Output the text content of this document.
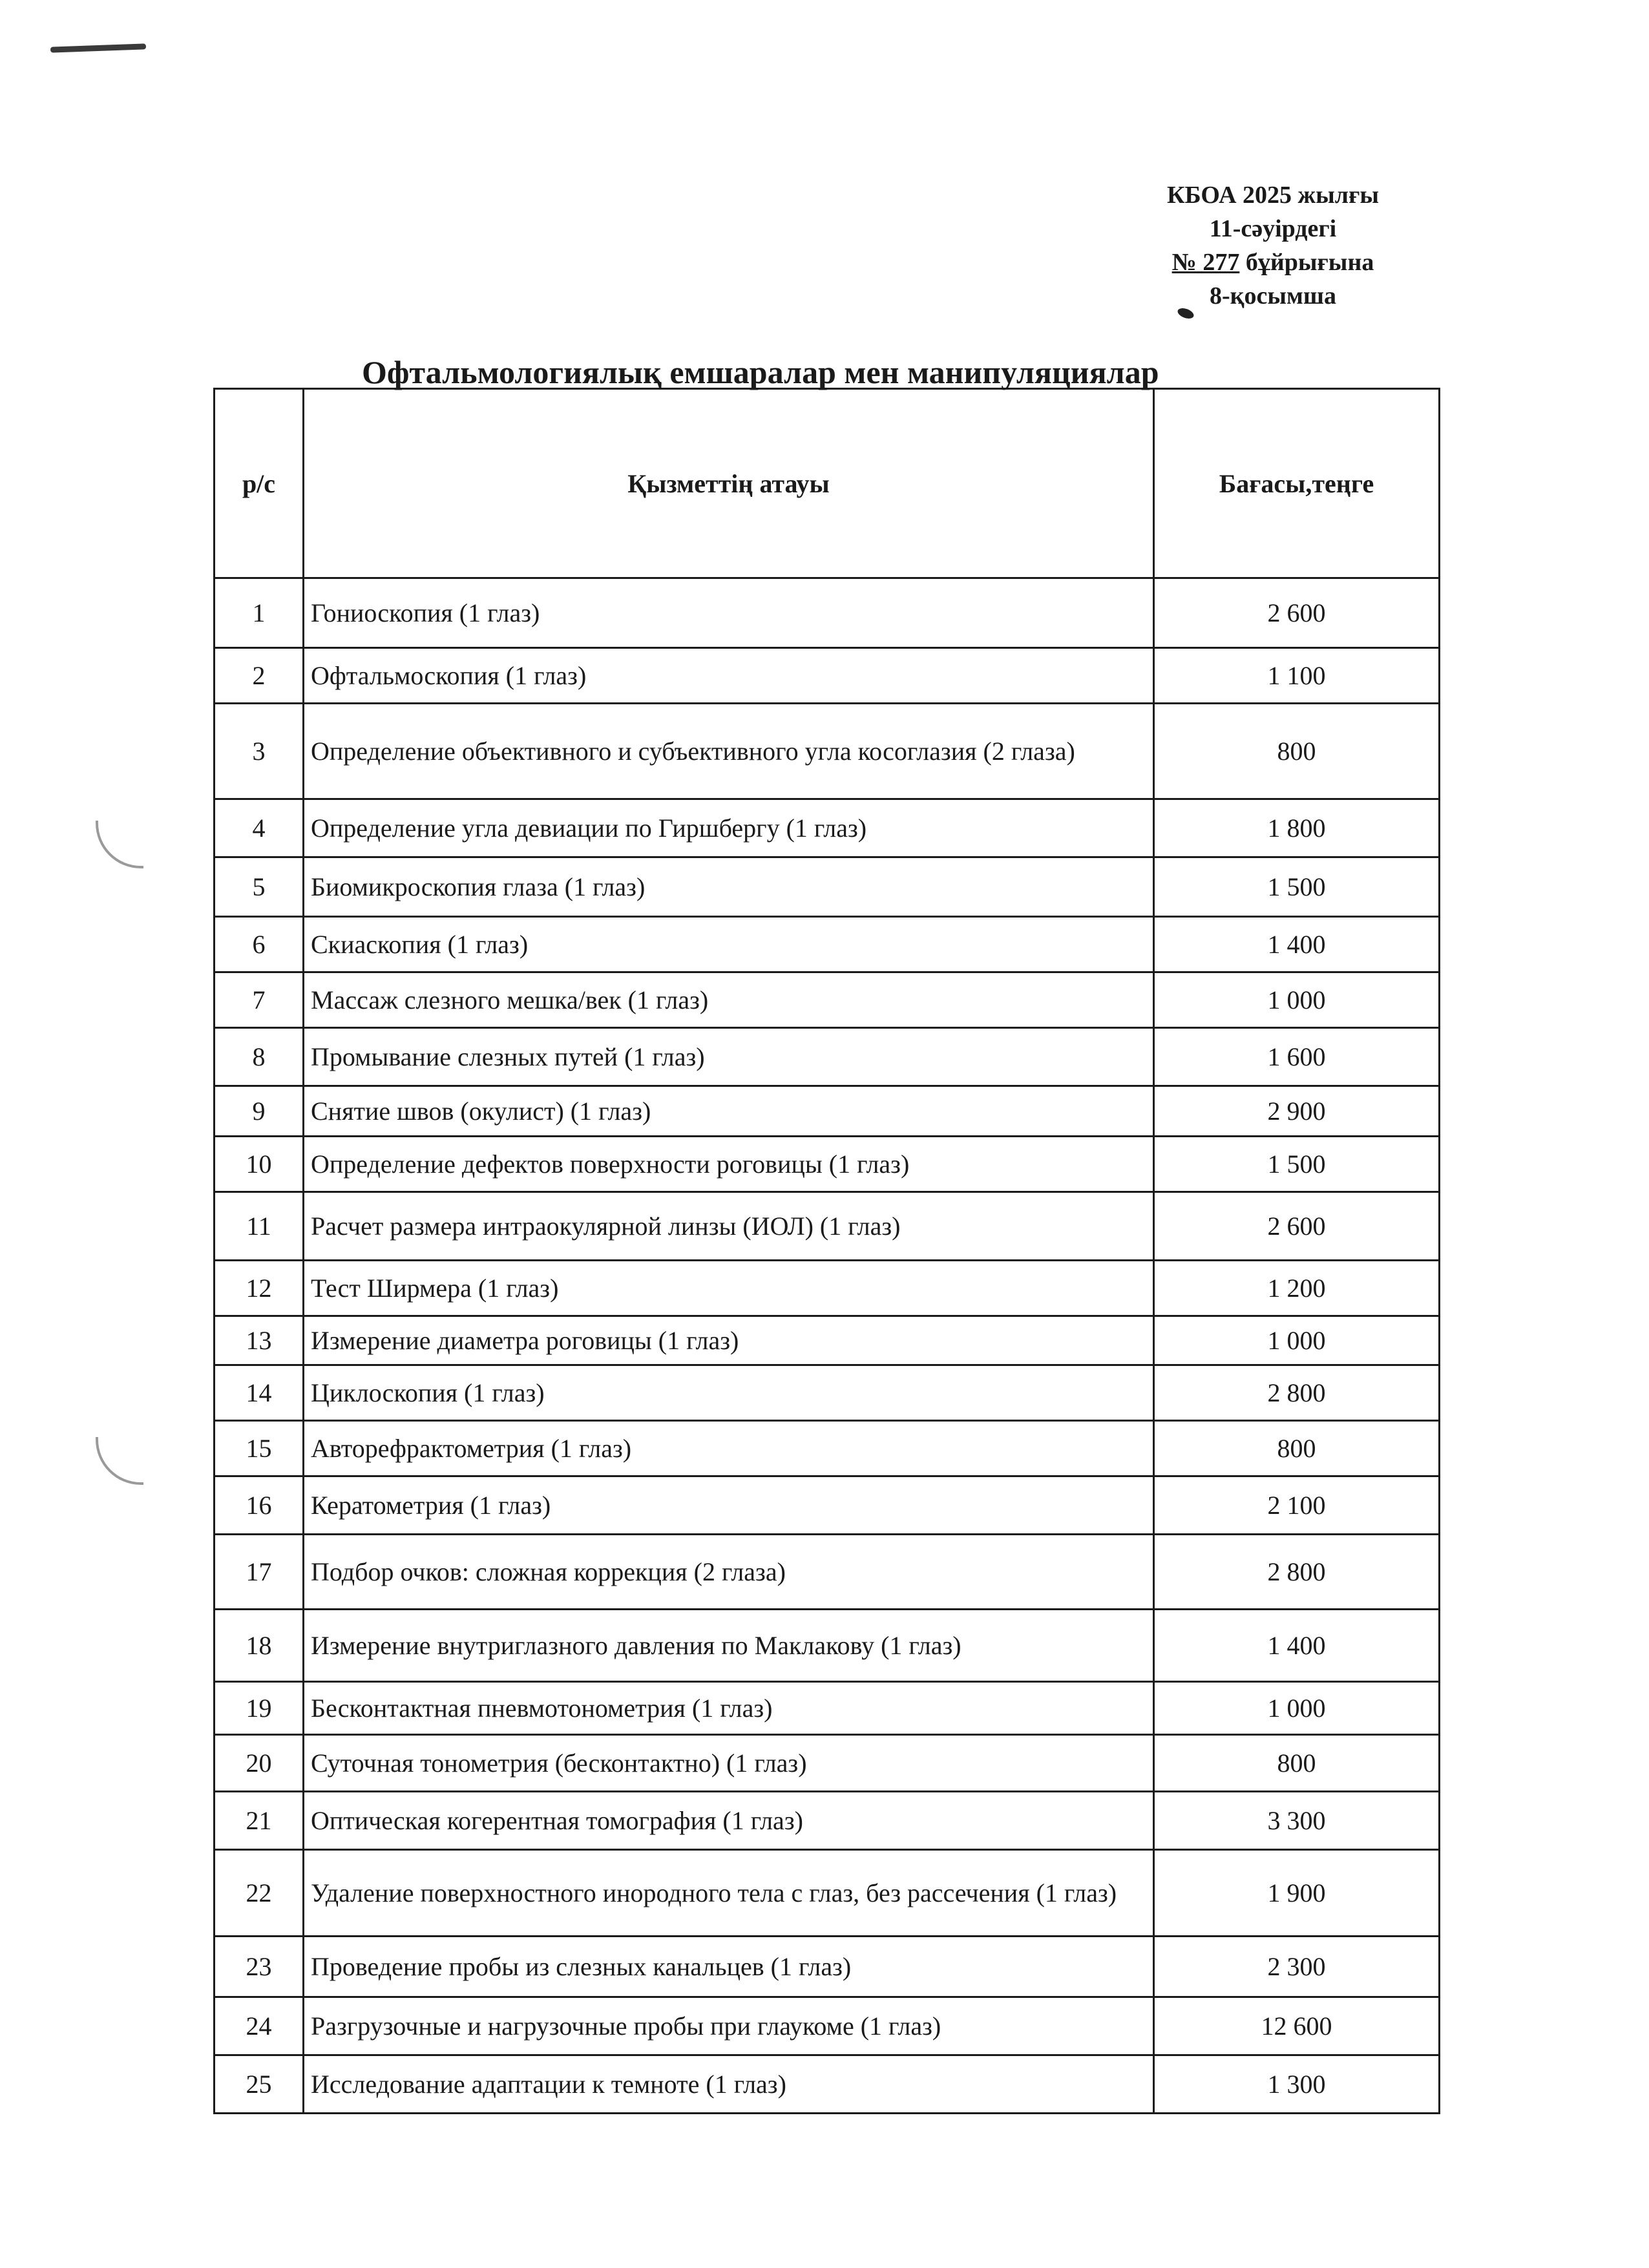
КБОА 2025 жылғы
11-сәуірдегі
№ 277 бұйрығына
8-қосымша
Офтальмологиялық емшаралар мен манипуляциялар
р/с	Қызметтің атауы	Бағасы,теңге
1	Гониоскопия (1 глаз)	2 600
2	Офтальмоскопия (1 глаз)	1 100
3	Определение объективного и субъективного угла косоглазия (2 глаза)	800
4	Определение угла девиации по Гиршбергу (1 глаз)	1 800
5	Биомикроскопия глаза (1 глаз)	1 500
6	Скиаскопия (1 глаз)	1 400
7	Массаж слезного мешка/век (1 глаз)	1 000
8	Промывание слезных путей (1 глаз)	1 600
9	Снятие швов (окулист) (1 глаз)	2 900
10	Определение дефектов поверхности роговицы (1 глаз)	1 500
11	Расчет размера интраокулярной линзы (ИОЛ) (1 глаз)	2 600
12	Тест Ширмера (1 глаз)	1 200
13	Измерение диаметра роговицы (1 глаз)	1 000
14	Циклоскопия (1 глаз)	2 800
15	Авторефрактометрия (1 глаз)	800
16	Кератометрия (1 глаз)	2 100
17	Подбор очков: сложная коррекция (2 глаза)	2 800
18	Измерение внутриглазного давления по Маклакову (1 глаз)	1 400
19	Бесконтактная пневмотонометрия (1 глаз)	1 000
20	Суточная тонометрия (бесконтактно) (1 глаз)	800
21	Оптическая когерентная томография (1 глаз)	3 300
22	Удаление поверхностного инородного тела с глаз, без рассечения (1 глаз)	1 900
23	Проведение пробы из слезных канальцев (1 глаз)	2 300
24	Разгрузочные и нагрузочные пробы при глаукоме (1 глаз)	12 600
25	Исследование адаптации к темноте (1 глаз)	1 300
